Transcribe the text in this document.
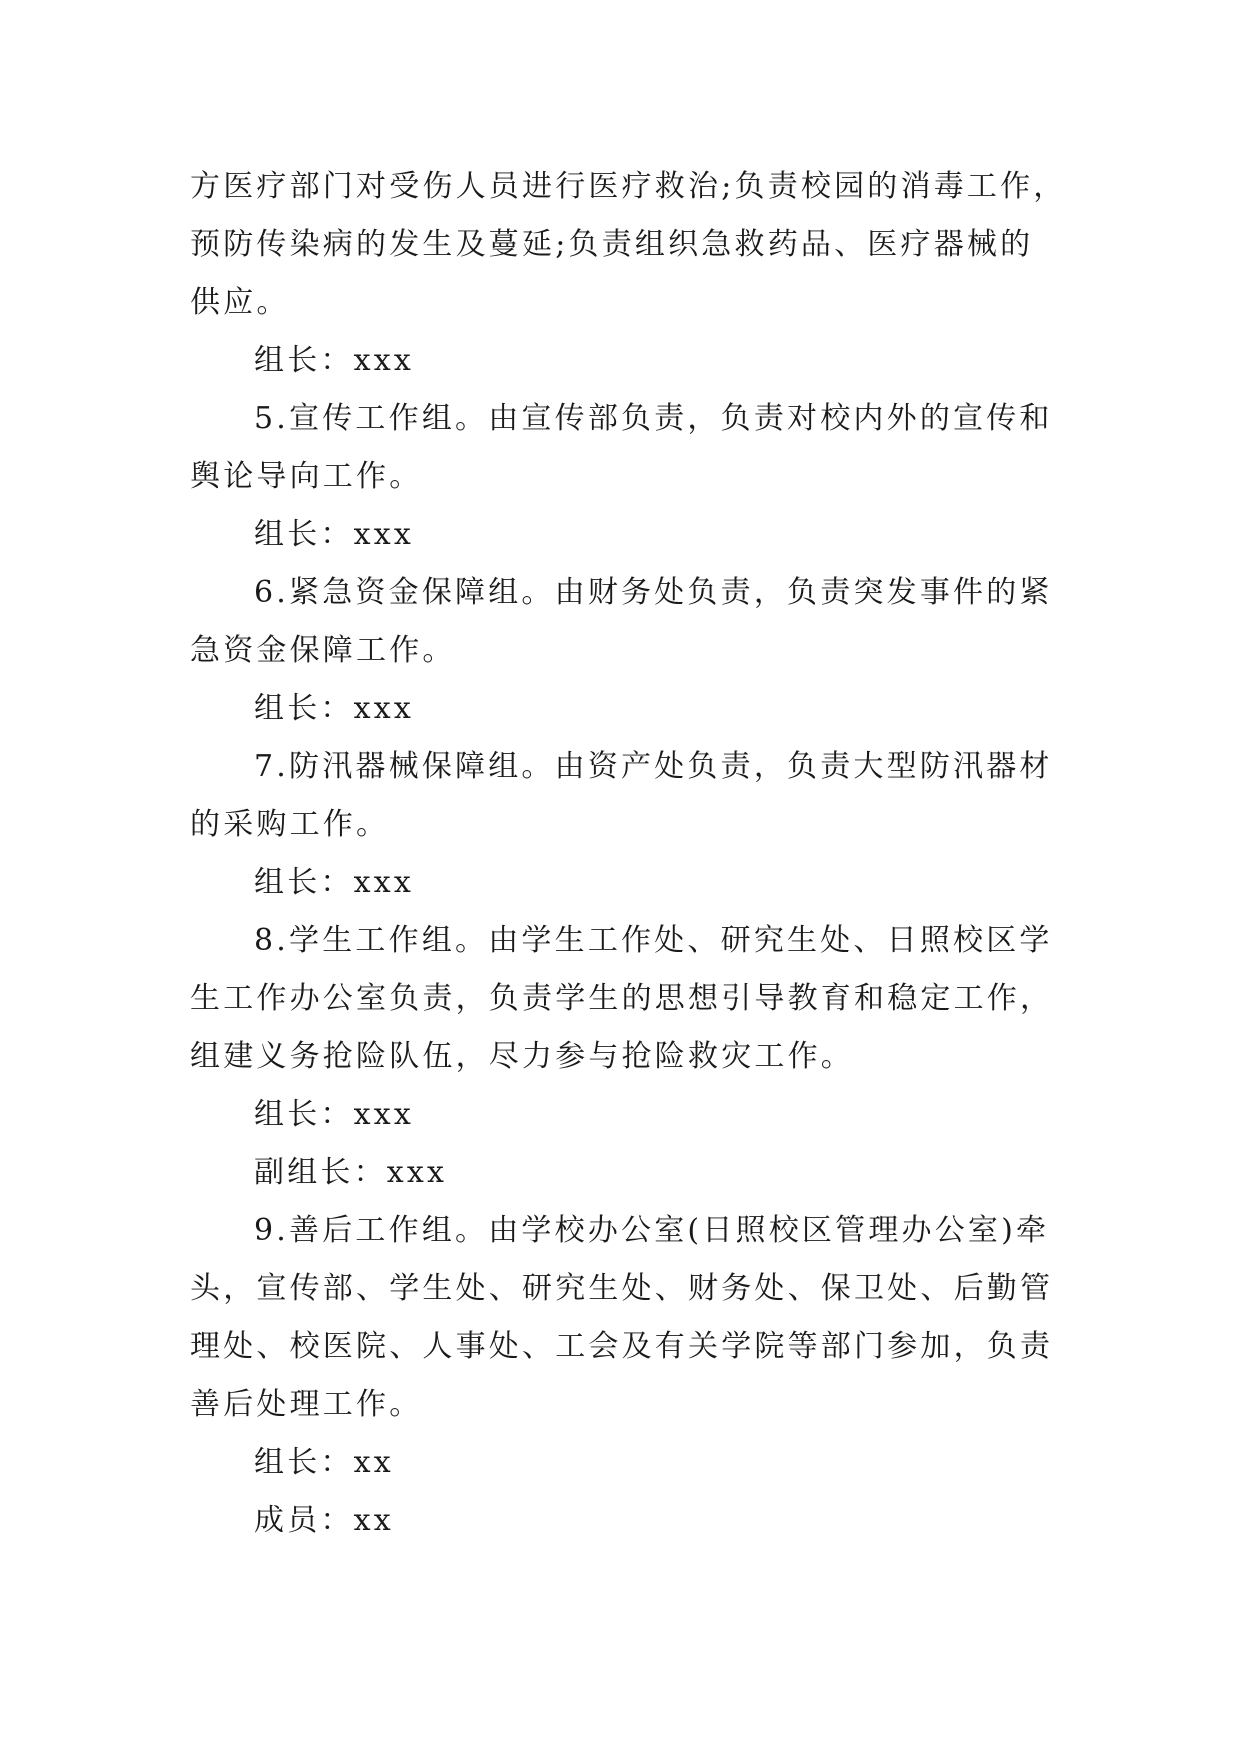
方医疗部门对受伤人员进行医疗救治;负责校园的消毒工作，
预防传染病的发生及蔓延;负责组织急救药品、医疗器械的
供应。
组长：xxx
5.宣传工作组。由宣传部负责，负责对校内外的宣传和
舆论导向工作。
组长：xxx
6.紧急资金保障组。由财务处负责，负责突发事件的紧
急资金保障工作。
组长：xxx
7.防汛器械保障组。由资产处负责，负责大型防汛器材
的采购工作。
组长：xxx
8.学生工作组。由学生工作处、研究生处、日照校区学
生工作办公室负责，负责学生的思想引导教育和稳定工作，
组建义务抢险队伍，尽力参与抢险救灾工作。
组长：xxx
副组长：xxx
9.善后工作组。由学校办公室(日照校区管理办公室)牵
头，宣传部、学生处、研究生处、财务处、保卫处、后勤管
理处、校医院、人事处、工会及有关学院等部门参加，负责
善后处理工作。
组长：xx
成员：xx
